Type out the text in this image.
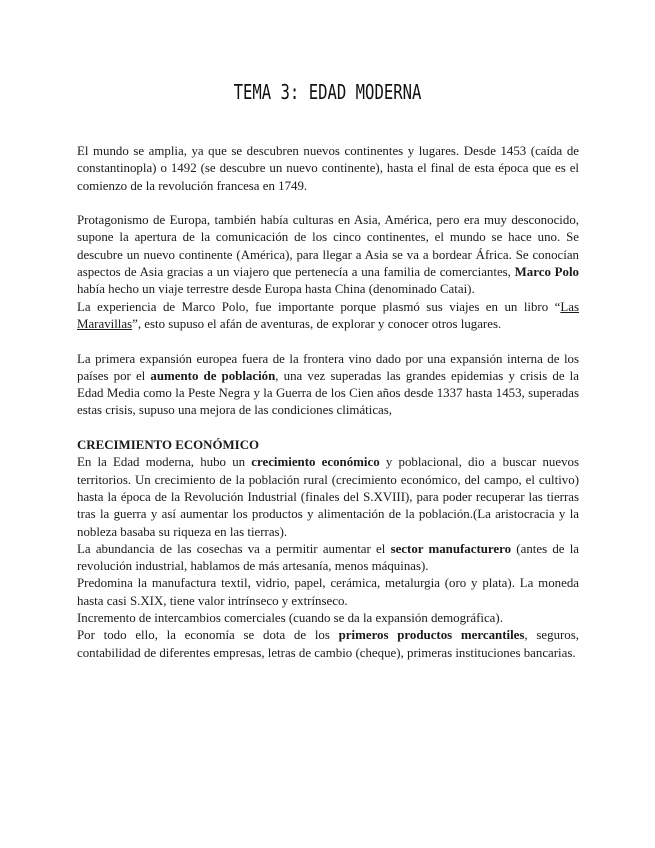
TEMA 3: EDAD MODERNA

El mundo se amplia, ya que se descubren nuevos continentes y lugares. Desde 1453 (caída de constantinopla) o 1492 (se descubre un nuevo continente), hasta el final de esta época que es el comienzo de la revolución francesa en 1749.

Protagonismo de Europa, también había culturas en Asia, América, pero era muy desconocido, supone la apertura de la comunicación de los cinco continentes, el mundo se hace uno. Se descubre un nuevo continente (América), para llegar a Asia se va a bordear África. Se conocían aspectos de Asia gracias a un viajero que pertenecía a una familia de comerciantes, Marco Polo había hecho un viaje terrestre desde Europa hasta China (denominado Catai).

La experiencia de Marco Polo, fue importante porque plasmó sus viajes en un libro “Las Maravillas”, esto supuso el afán de aventuras, de explorar y conocer otros lugares.

La primera expansión europea fuera de la frontera vino dado por una expansión interna de los países por el aumento de población, una vez superadas las grandes epidemias y crisis de la Edad Media como la Peste Negra y la Guerra de los Cien años desde 1337 hasta 1453, superadas estas crisis, supuso una mejora de las condiciones climáticas,

CRECIMIENTO ECONÓMICO

En la Edad moderna, hubo un crecimiento económico y poblacional, dio a buscar nuevos territorios. Un crecimiento de la población rural (crecimiento económico, del campo, el cultivo) hasta la época de la Revolución Industrial (finales del S.XVIII), para poder recuperar las tierras tras la guerra y así aumentar los productos y alimentación de la población.(La aristocracia y la nobleza basaba su riqueza en las tierras).

La abundancia de las cosechas va a permitir aumentar el sector manufacturero (antes de la revolución industrial, hablamos de más artesanía, menos máquinas).

Predomina la manufactura textil, vidrio, papel, cerámica, metalurgia (oro y plata). La moneda hasta casi S.XIX, tiene valor intrínseco y extrínseco.

Incremento de intercambios comerciales (cuando se da la expansión demográfica).

Por todo ello, la economía se dota de los primeros productos mercantiles, seguros, contabilidad de diferentes empresas, letras de cambio (cheque), primeras instituciones bancarias.
